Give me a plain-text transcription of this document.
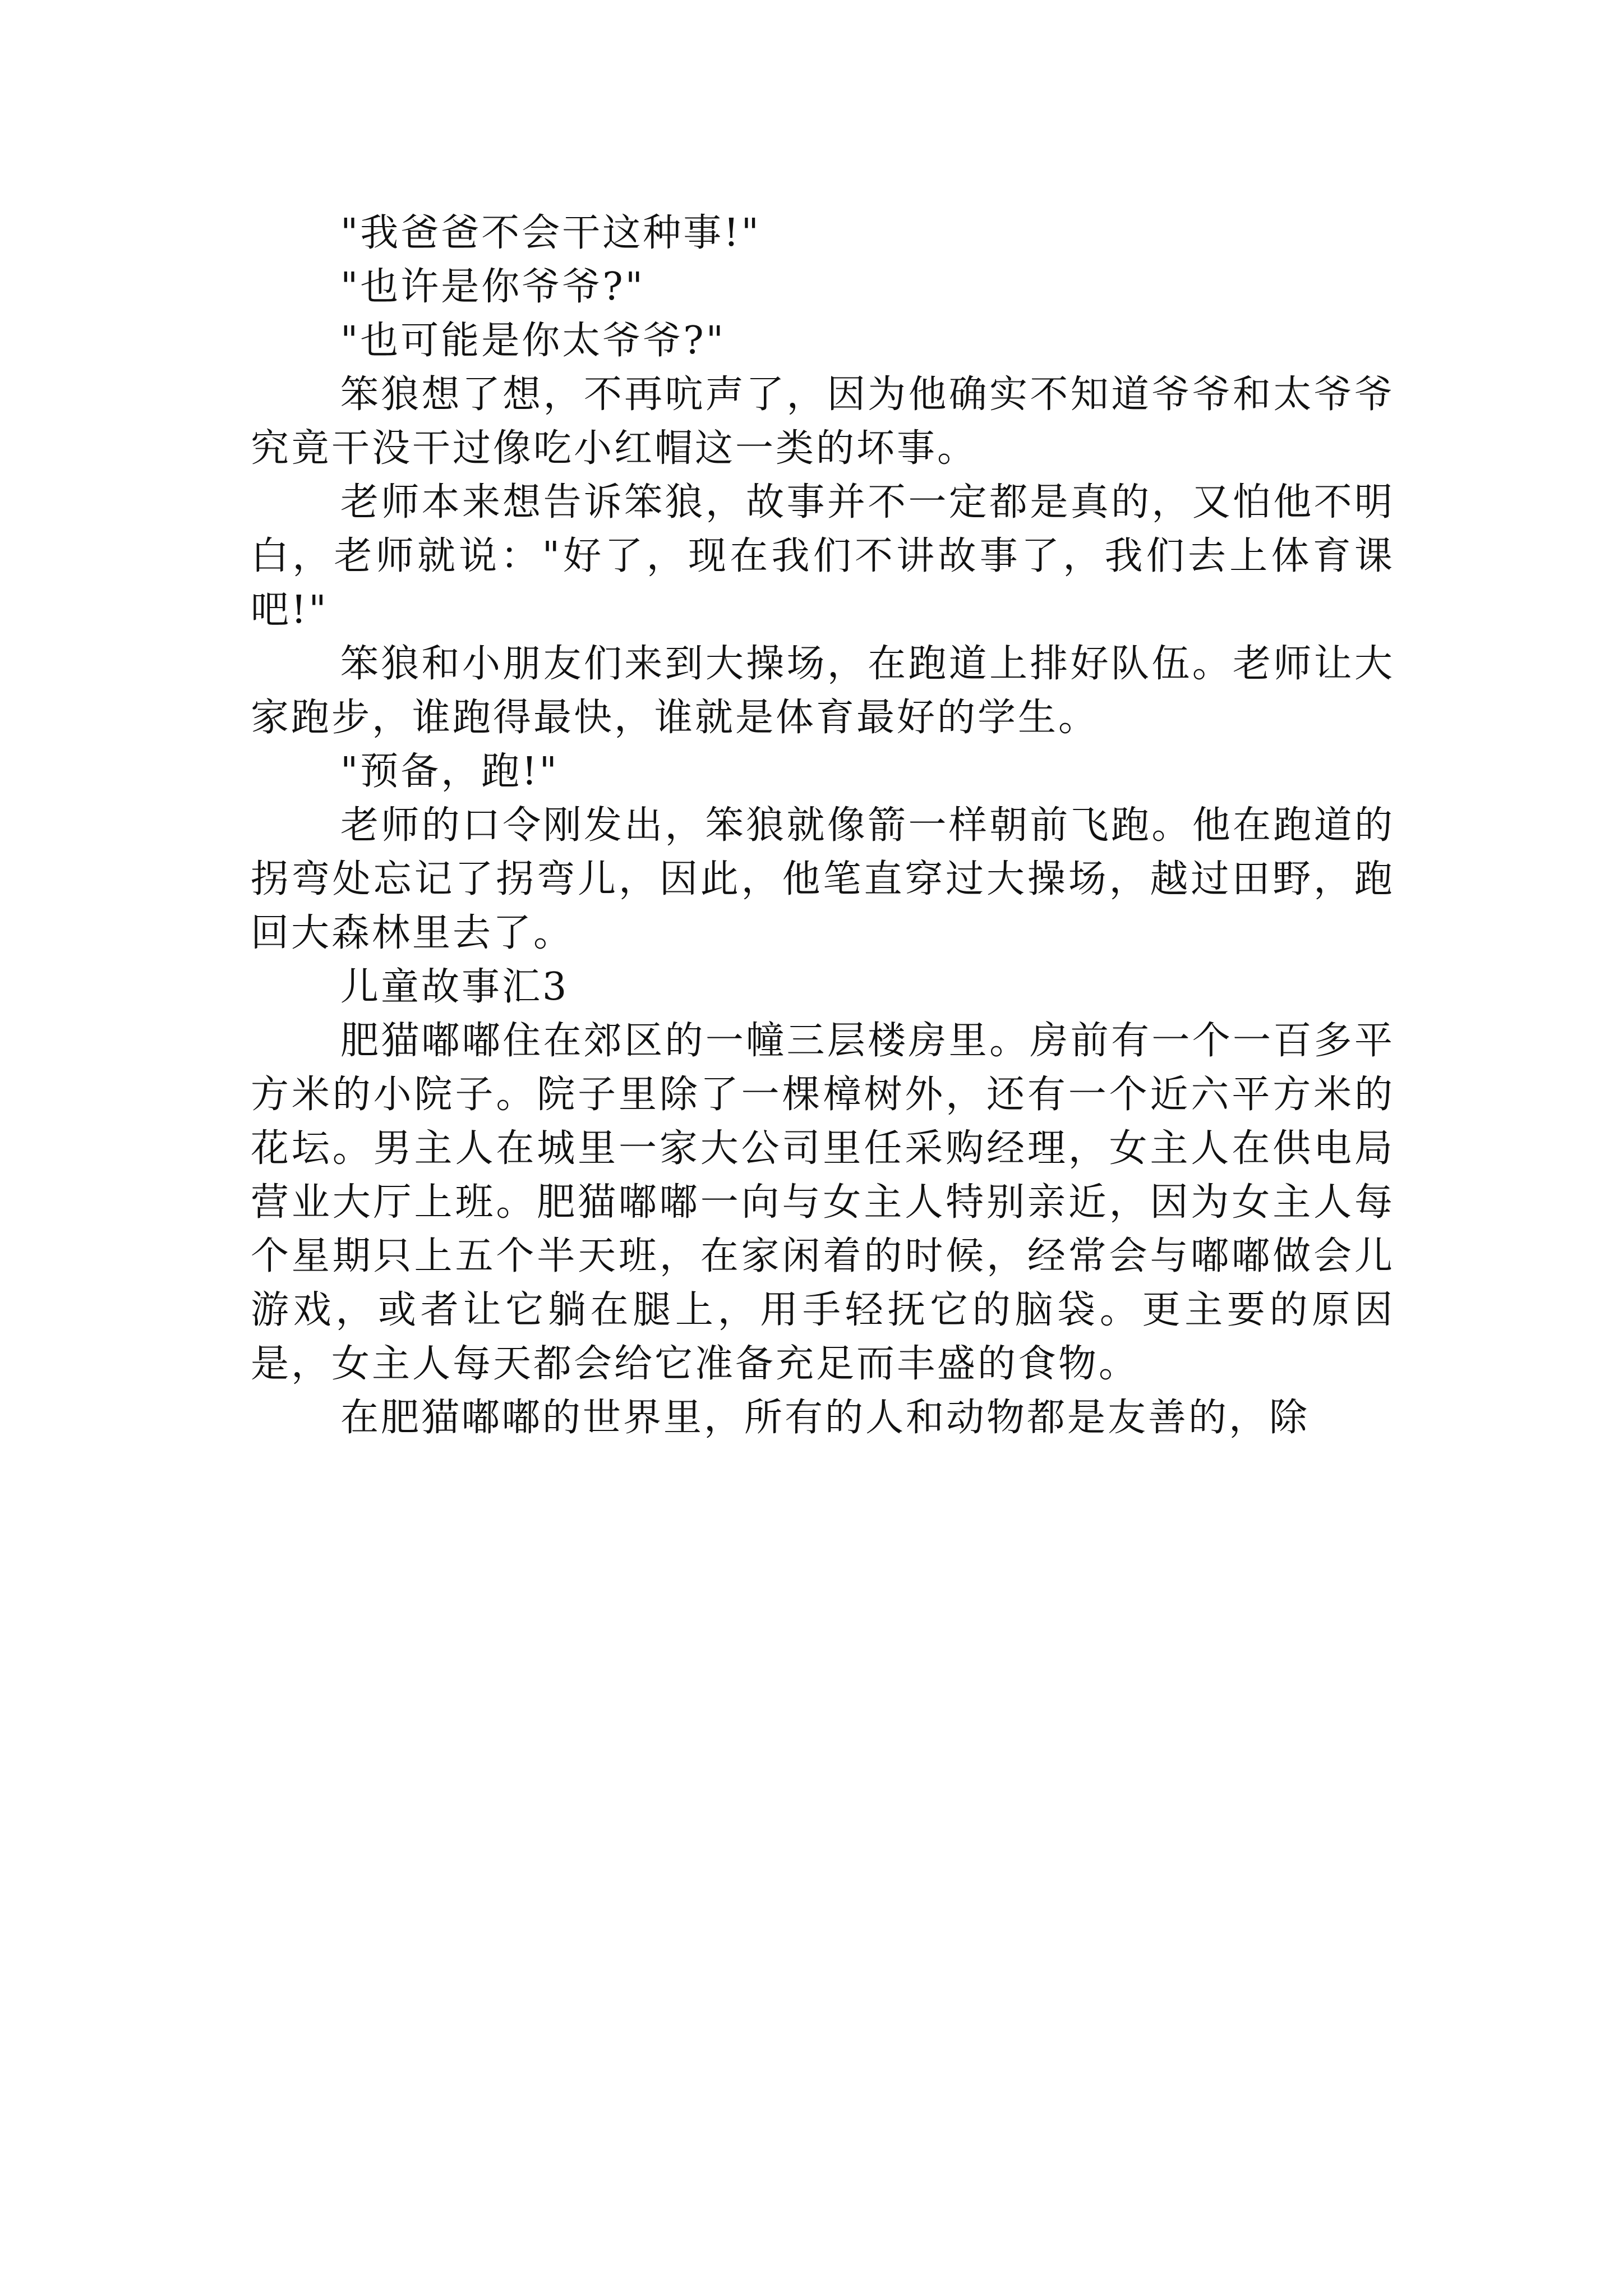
"我爸爸不会干这种事!"

"也许是你爷爷?"

"也可能是你太爷爷?"

笨狼想了想，不再吭声了，因为他确实不知道爷爷和太爷爷究竟干没干过像吃小红帽这一类的坏事。

老师本来想告诉笨狼，故事并不一定都是真的，又怕他不明白，老师就说："好了，现在我们不讲故事了，我们去上体育课吧!"

笨狼和小朋友们来到大操场，在跑道上排好队伍。老师让大家跑步，谁跑得最快，谁就是体育最好的学生。

"预备，跑!"

老师的口令刚发出，笨狼就像箭一样朝前飞跑。他在跑道的拐弯处忘记了拐弯儿，因此，他笔直穿过大操场，越过田野，跑回大森林里去了。

儿童故事汇3

肥猫嘟嘟住在郊区的一幢三层楼房里。房前有一个一百多平方米的小院子。院子里除了一棵樟树外，还有一个近六平方米的花坛。男主人在城里一家大公司里任采购经理，女主人在供电局营业大厅上班。肥猫嘟嘟一向与女主人特别亲近，因为女主人每个星期只上五个半天班，在家闲着的时候，经常会与嘟嘟做会儿游戏，或者让它躺在腿上，用手轻抚它的脑袋。更主要的原因是，女主人每天都会给它准备充足而丰盛的食物。

在肥猫嘟嘟的世界里，所有的人和动物都是友善的，除
